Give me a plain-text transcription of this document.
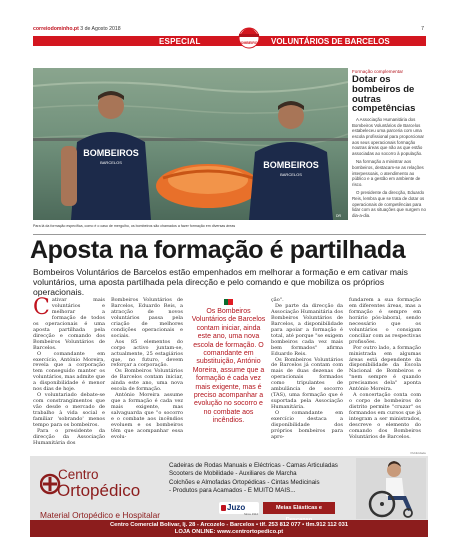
correiodominho.pt 3 de Agosto 2018	7
ESPECIAL	VOLUNTÁRIOS DE BARCELOS
BOMBEIROS
BOMBEIROS
BARCELOS	BOMBEIROS
BARCELOS
DR
Para lá da formação específica, como é o caso de mergulho, os bombeiros são chamados a fazer formação em diversas áreas
Formação complementar
Dotar os bombeiros de outras competências

A Associação Humanitária dos Bombeiros Voluntários de Barcelos estabeleceu uma parceria com uma escola profissional para proporcionar aos seus operacionais formação noutras áreas que não as que estão associadas ao socorro à população.

Na formação a ministrar aos bombeiros, destacam-se as relações interpessoais, o atendimento ao público e a gestão em ambiente de risco.

O presidente da direcção, Eduardo Reis, lembra que se trata de dotar os operacionais de competências para lidar com as situações que surgem no dia-a-dia.

Aposta na formação é partilhada
Bombeiros Voluntários de Barcelos estão empenhados em melhorar a formação e em cativar mais voluntários, uma aposta partilhada pela direcção e pelo comando e que mobiliza os próprios operacionais.

Cativar mais voluntários e melhorar a formação de todos os operacionais é uma aposta partilhada pela direcção e comando dos Bombeiros Voluntários de Barcelos.

O comandante em exercício, António Moreira, revela que a corporação tem conseguido manter os voluntários, mas admite que a disponibilidade é menor nos dias de hoje.

O voluntariado debate-se com constrangimentos que vão desde o mercado de trabalho à vida social e familiar 'sobrando' menos tempo para os bombeiros.

Para o presidente da direcção da Associação Humanitária dos

Bombeiros Voluntários de Barcelos, Eduardo Reis, a atracção de novos voluntários passa pela criação de melhores condições operacionais e sociais.

Aos 85 elementos do corpo activo juntam-se, actualmente, 25 estagiários que, no futuro, devem reforçar a corporação.

Os Bombeiros Voluntários de Barcelos contam iniciar, ainda este ano, uma nova escola de formação.

António Moreira assume que a formação é cada vez mais exigente, mas salvaguarda que "o socorro e o combate aos incêndios evoluem e os bombeiros têm que acompanhar essa evolu-

Os Bombeiros Voluntários de Barcelos contam iniciar, ainda este ano, uma nova escola de formação. O comandante em substituição, António Moreira, assume que a formação é cada vez mais exigente, mas é preciso acompanhar a evolução no socorro e no combate aos incêndios.

ção".

De parte da direcção da Associação Humanitária dos Bombeiros Voluntários de Barcelos, a disponibilidade para apoiar a formação é total, até porque "se exigem bombeiros cada vez mais bem formados" afirma Eduardo Reis.

Os Bombeiros Voluntários de Barcelos já contam com mais de duas dezenas de operacionais formados como tripulantes de ambulância de socorro (TAS), uma formação que é suportada pela Associação Humanitária.

O comandante em exercício destaca a disponibilidade dos próprios bombeiros para apro-

fundarem a sua formação em diferentes áreas, mas a formação é sempre em horário pós-laboral, sendo necessário que os voluntários o consigam conciliar com as respectivas profissões.

Por outro lado, a formação ministrada em algumas áreas está dependente da disponibilidade da Escola Nacional de Bombeiros e "nem sempre é quando precisamos dela" aponta António Moreira.

A concertação conta com o corpo de bombeiros do distrito permite "cruzar" os formandos em cursos que já integram a ser ministrados, descreve o elemento do comando dos Bombeiros Voluntários de Barcelos.

Publicidade
Centro
Ortopédico
Material Ortopédico e Hospitalar
Cadeiras de Rodas Manuais e Eléctricas - Camas Articuladas
Scooters de Mobilidade - Auxiliares de Marcha
Colchões e Almofadas Ortopédicas - Cintas Medicinais
- Produtos para Acamados - E MUITO MAIS...
Juzo
Since 1912
Meias Elásticas e
Centro Comercial Bolivar, lj. 28 - Arcozelo - Barcelos • tlf. 253 812 077 • tlm.912 112 031
LOJA ONLINE: www.centrortopedico.pt
